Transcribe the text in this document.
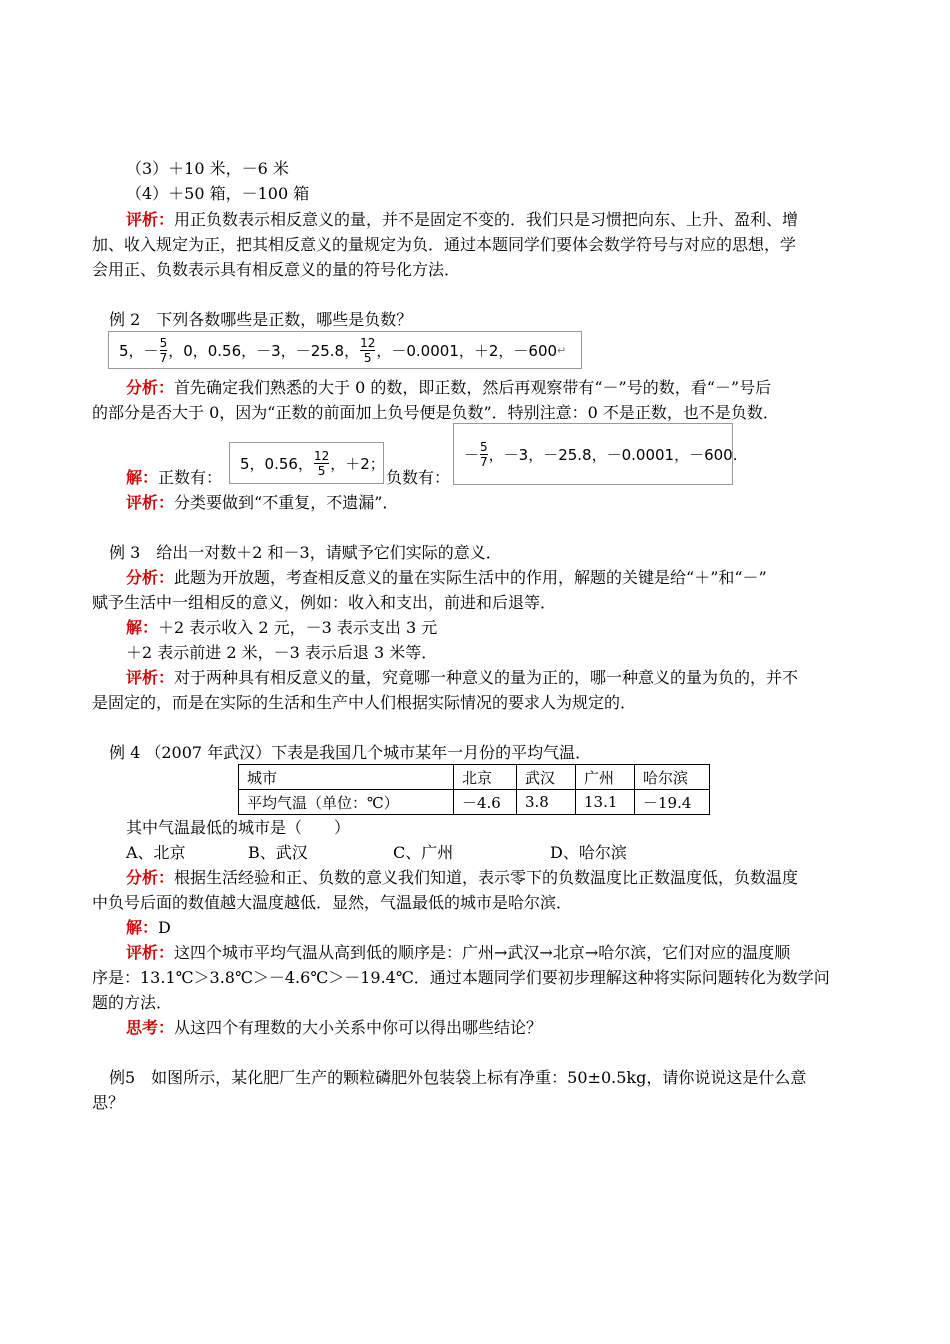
（3）＋10 米，－6 米
（4）＋50 箱，－100 箱
评析：用正负数表示相反意义的量，并不是固定不变的．我们只是习惯把向东、上升、盈利、增
加、收入规定为正，把其相反意义的量规定为负．通过本题同学们要体会数学符号与对应的思想，学
会用正、负数表示具有相反意义的量的符号化方法．
例 2　下列各数哪些是正数，哪些是负数？
5， － $\frac{5}{7}$ ，0，0.56，－3，－25.8， $\frac{12}{5}$ ，－0.0001，＋2，－600 ↵
分析：首先确定我们熟悉的大于 0 的数，即正数，然后再观察带有“－”号的数，看“－”号后
的部分是否大于 0，因为“正数的前面加上负号便是负数”．特别注意：0 不是正数，也不是负数．
解：正数有：
5，0.56， $\frac{12}{5}$ ，＋2；
负数有：
－ $\frac{5}{7}$ ，－3，－25.8，－0.0001，－600.
评析：分类要做到“不重复，不遗漏”．
例 3　给出一对数＋2 和－3，请赋予它们实际的意义．
分析：此题为开放题，考查相反意义的量在实际生活中的作用，解题的关键是给“＋”和“－”
赋予生活中一组相反的意义，例如：收入和支出，前进和后退等．
解：＋2 表示收入 2 元，－3 表示支出 3 元
＋2 表示前进 2 米，－3 表示后退 3 米等．
评析：对于两种具有相反意义的量，究竟哪一种意义的量为正的，哪一种意义的量为负的，并不
是固定的，而是在实际的生活和生产中人们根据实际情况的要求人为规定的．
例 4 （2007 年武汉）下表是我国几个城市某年一月份的平均气温．
城市	北京	武汉	广州	哈尔滨
平均气温（单位：℃）	－4.6	3.8	13.1	－19.4
其中气温最低的城市是（　　）
A、北京	B、武汉	C、广州	D、哈尔滨
分析：根据生活经验和正、负数的意义我们知道，表示零下的负数温度比正数温度低，负数温度
中负号后面的数值越大温度越低．显然，气温最低的城市是哈尔滨．
解：D
评析：这四个城市平均气温从高到低的顺序是：广州→武汉→北京→哈尔滨，它们对应的温度顺
序是：13.1℃＞3.8℃＞－4.6℃＞－19.4℃．通过本题同学们要初步理解这种将实际问题转化为数学问
题的方法．
思考：从这四个有理数的大小关系中你可以得出哪些结论？
例5　如图所示，某化肥厂生产的颗粒磷肥外包装袋上标有净重：50±0.5kg，请你说说这是什么意
思？
